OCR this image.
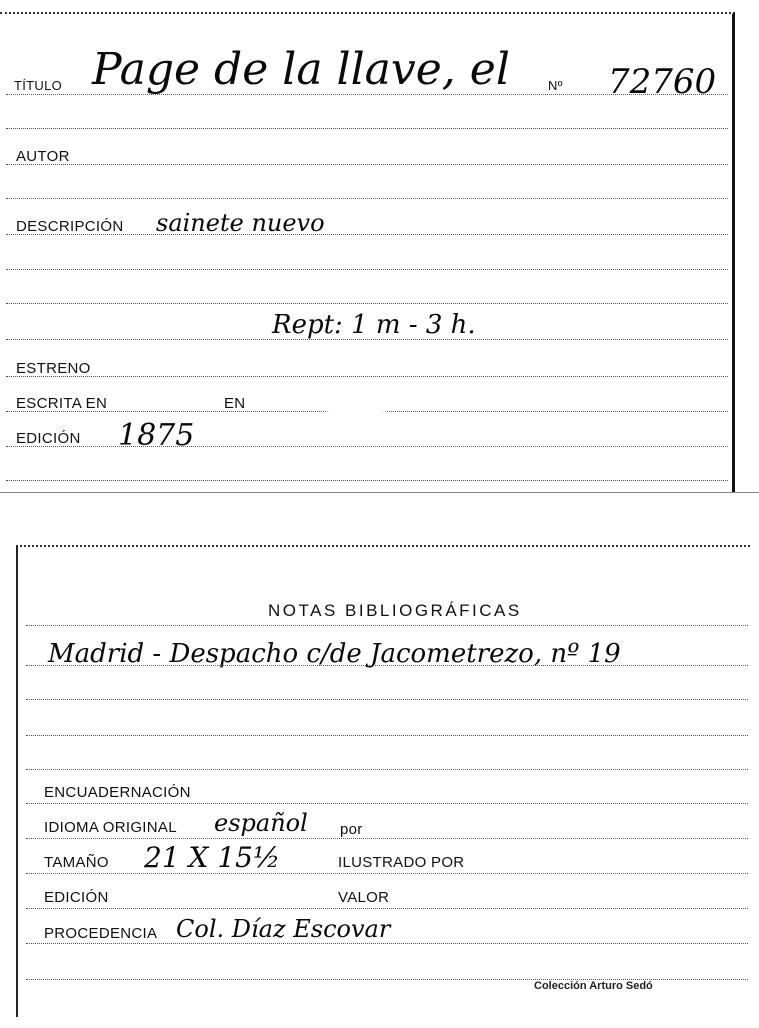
TÍTULO Page de la llave, el	Nº 72760
AUTOR
DESCRIPCIÓN sainete nuevo
Rept: 1 m - 3 h.
ESTRENO
ESCRITA EN	EN
EDICIÓN 1875
NOTAS BIBLIOGRÁFICAS
Madrid - Despacho c/de Jacometrezo, nº 19
ENCUADERNACIÓN
IDIOMA ORIGINAL español por
TAMAÑO 21 X 15½	ILUSTRADO POR
EDICIÓN	VALOR
PROCEDENCIA Col. Díaz Escovar
Colección Arturo Sedó
